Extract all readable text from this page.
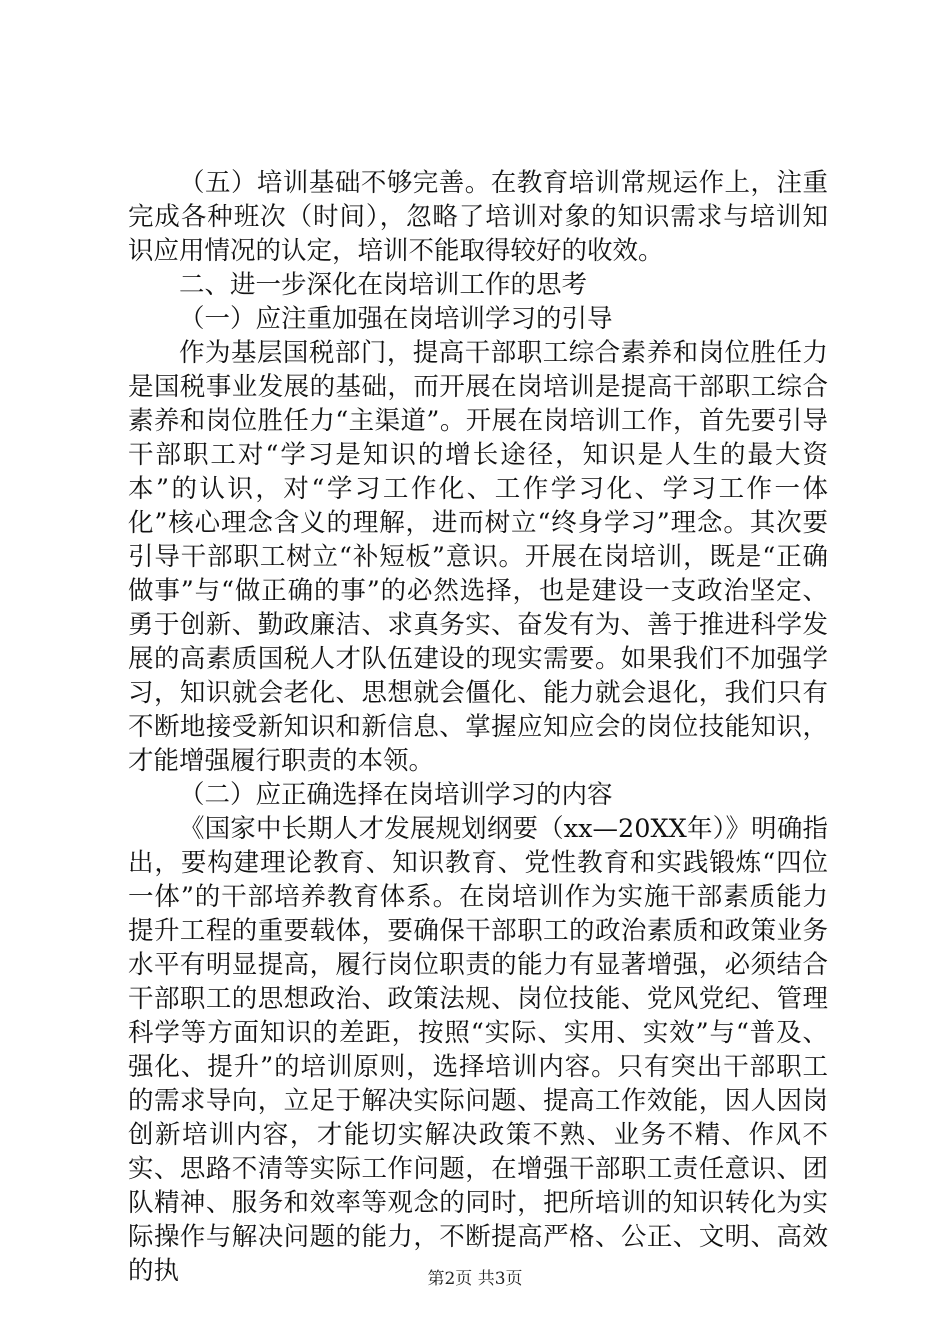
（五）培训基础不够完善。在教育培训常规运作上，注重完成各种班次（时间），忽略了培训对象的知识需求与培训知识应用情况的认定，培训不能取得较好的收效。

二、进一步深化在岗培训工作的思考

（一）应注重加强在岗培训学习的引导

作为基层国税部门，提高干部职工综合素养和岗位胜任力是国税事业发展的基础，而开展在岗培训是提高干部职工综合素养和岗位胜任力“主渠道”。开展在岗培训工作，首先要引导干部职工对“学习是知识的增长途径，知识是人生的最大资本”的认识，对“学习工作化、工作学习化、学习工作一体化”核心理念含义的理解，进而树立“终身学习”理念。其次要引导干部职工树立“补短板”意识。开展在岗培训，既是“正确做事”与“做正确的事”的必然选择，也是建设一支政治坚定、勇于创新、勤政廉洁、求真务实、奋发有为、善于推进科学发展的高素质国税人才队伍建设的现实需要。如果我们不加强学习，知识就会老化、思想就会僵化、能力就会退化，我们只有不断地接受新知识和新信息、掌握应知应会的岗位技能知识，才能增强履行职责的本领。

（二）应正确选择在岗培训学习的内容

《国家中长期人才发展规划纲要（xx—20XX年）》明确指出，要构建理论教育、知识教育、党性教育和实践锻炼“四位一体”的干部培养教育体系。在岗培训作为实施干部素质能力提升工程的重要载体，要确保干部职工的政治素质和政策业务水平有明显提高，履行岗位职责的能力有显著增强，必须结合干部职工的思想政治、政策法规、岗位技能、党风党纪、管理科学等方面知识的差距，按照“实际、实用、实效”与“普及、强化、提升”的培训原则，选择培训内容。只有突出干部职工的需求导向，立足于解决实际问题、提高工作效能，因人因岗创新培训内容，才能切实解决政策不熟、业务不精、作风不实、思路不清等实际工作问题，在增强干部职工责任意识、团队精神、服务和效率等观念的同时，把所培训的知识转化为实际操作与解决问题的能力，不断提高严格、公正、文明、高效的执	第2页 共3页
